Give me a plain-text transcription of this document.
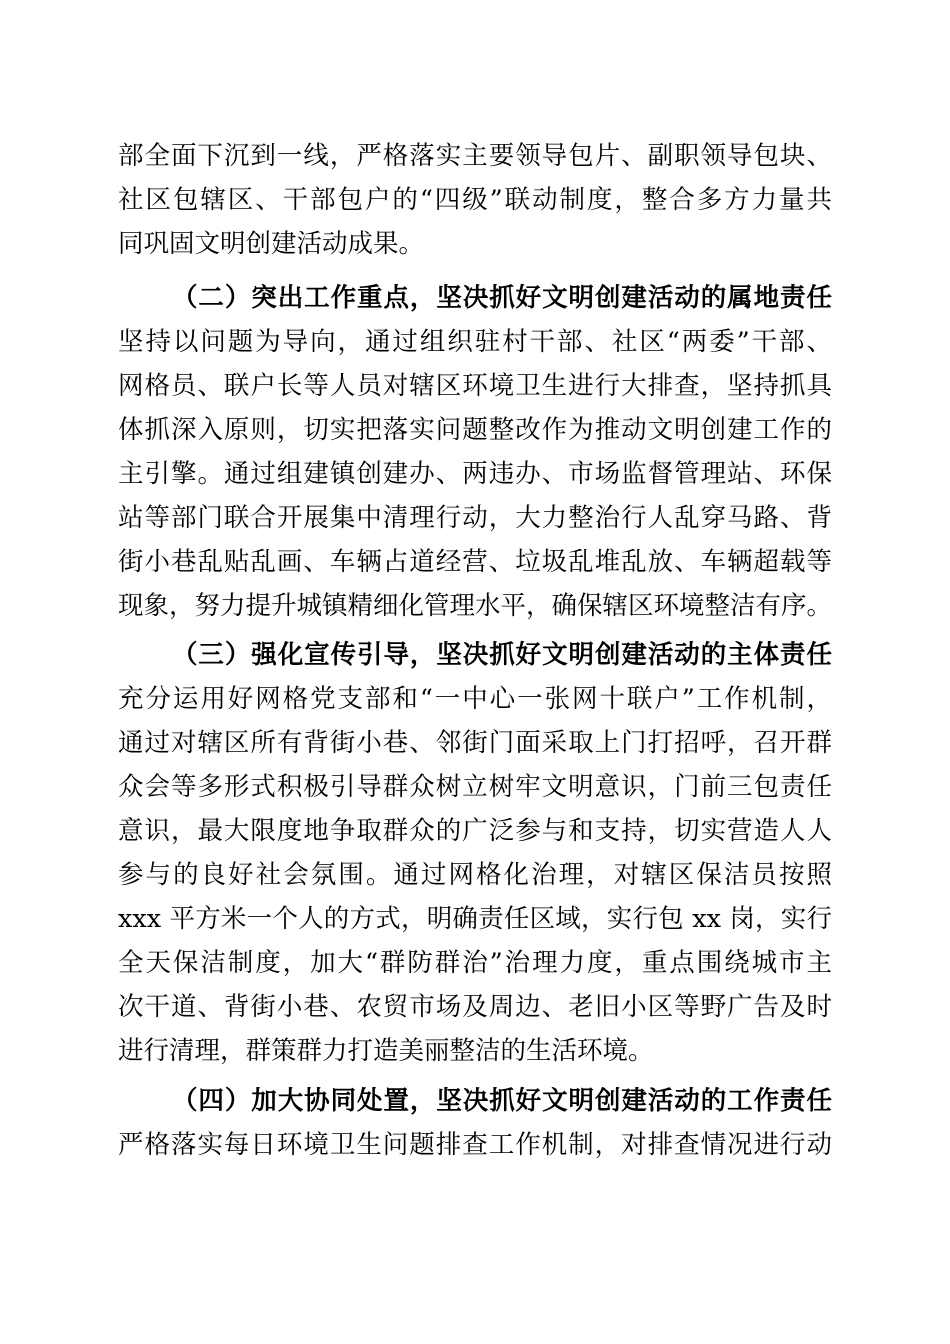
部全面下沉到一线，严格落实主要领导包片、副职领导包块、
社区包辖区、干部包户的“四级”联动制度，整合多方力量共
同巩固文明创建活动成果。
（二）突出工作重点，坚决抓好文明创建活动的属地责任
坚持以问题为导向，通过组织驻村干部、社区“两委”干部、
网格员、联户长等人员对辖区环境卫生进行大排查，坚持抓具
体抓深入原则，切实把落实问题整改作为推动文明创建工作的
主引擎。通过组建镇创建办、两违办、市场监督管理站、环保
站等部门联合开展集中清理行动，大力整治行人乱穿马路、背
街小巷乱贴乱画、车辆占道经营、垃圾乱堆乱放、车辆超载等
现象，努力提升城镇精细化管理水平，确保辖区环境整洁有序。
（三）强化宣传引导，坚决抓好文明创建活动的主体责任
充分运用好网格党支部和“一中心一张网十联户”工作机制，
通过对辖区所有背街小巷、邻街门面采取上门打招呼，召开群
众会等多形式积极引导群众树立树牢文明意识，门前三包责任
意识，最大限度地争取群众的广泛参与和支持，切实营造人人
参与的良好社会氛围。通过网格化治理，对辖区保洁员按照
xxx 平方米一个人的方式，明确责任区域，实行包 xx 岗，实行
全天保洁制度，加大“群防群治”治理力度，重点围绕城市主
次干道、背街小巷、农贸市场及周边、老旧小区等野广告及时
进行清理，群策群力打造美丽整洁的生活环境。
（四）加大协同处置，坚决抓好文明创建活动的工作责任
严格落实每日环境卫生问题排查工作机制，对排查情况进行动
